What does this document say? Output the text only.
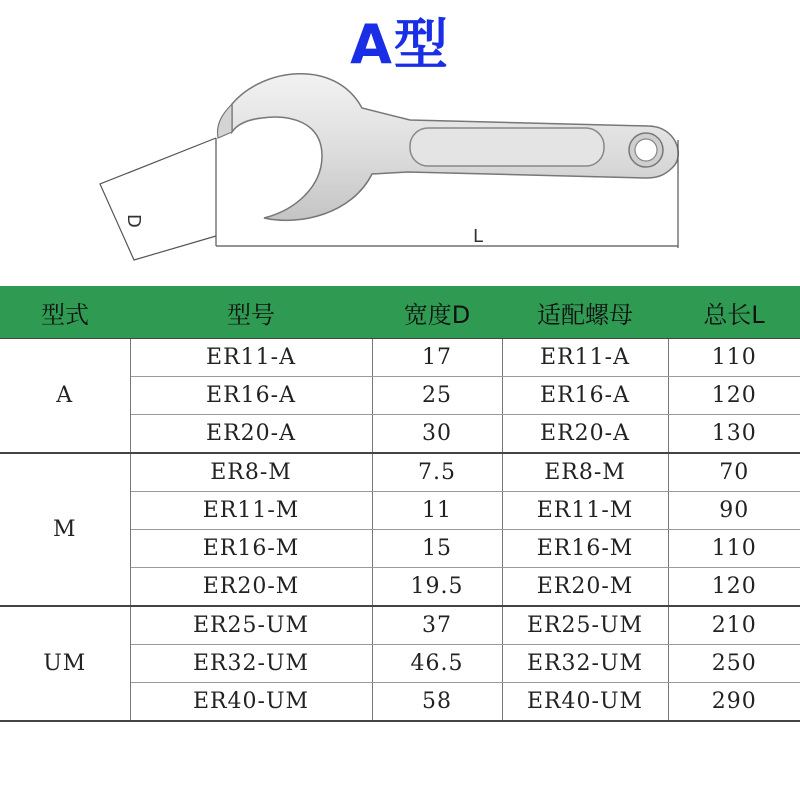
A型
D
L
型式	型号	宽度D	适配螺母	总长L
A	ER11-A	17	ER11-A	110
	ER16-A	25	ER16-A	120
	ER20-A	30	ER20-A	130
M	ER8-M	7.5	ER8-M	70
	ER11-M	11	ER11-M	90
	ER16-M	15	ER16-M	110
	ER20-M	19.5	ER20-M	120
UM	ER25-UM	37	ER25-UM	210
	ER32-UM	46.5	ER32-UM	250
	ER40-UM	58	ER40-UM	290
